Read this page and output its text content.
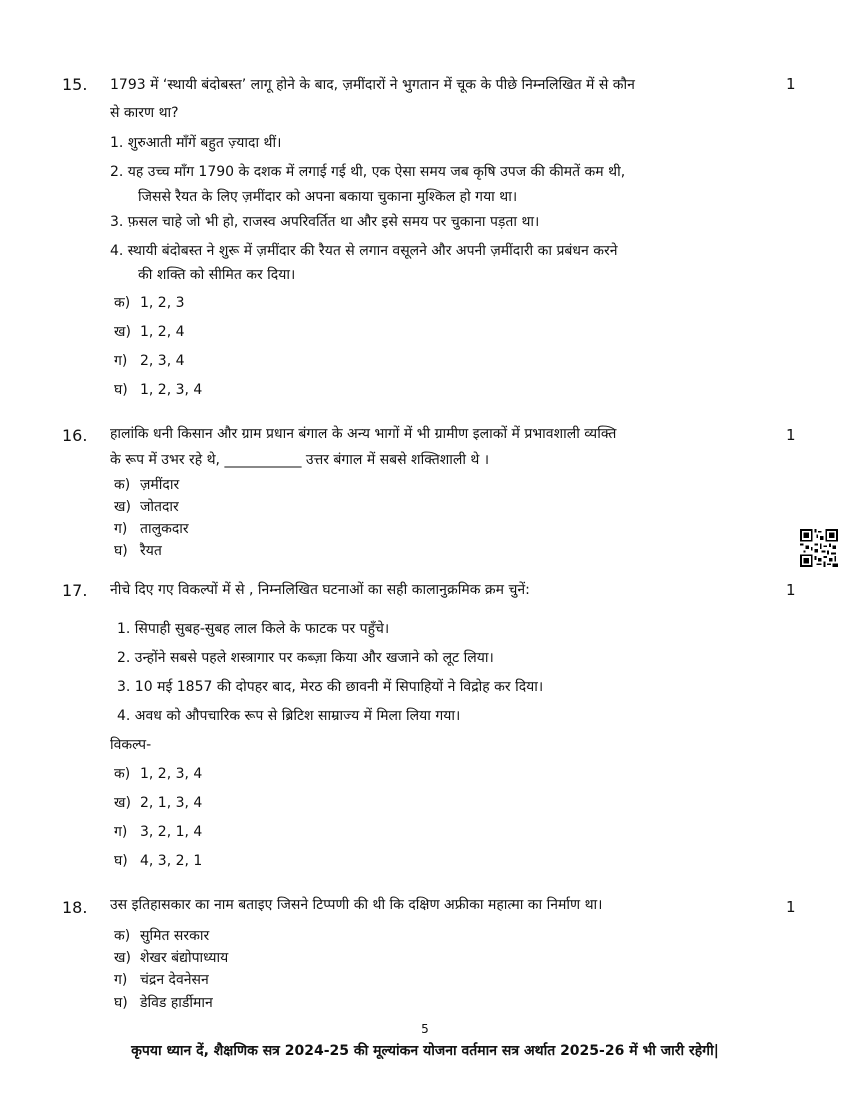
15.	1
1793 में ‘स्थायी बंदोबस्त’ लागू होने के बाद, ज़मींदारों ने भुगतान में चूक के पीछे निम्नलिखित में से कौन
से कारण था?
1. शुरुआती माँगें बहुत ज़्यादा थीं।
2. यह उच्च माँग 1790 के दशक में लगाई गई थी, एक ऐसा समय जब कृषि उपज की कीमतें कम थी,
जिससे रैयत के लिए ज़मींदार को अपना बकाया चुकाना मुश्किल हो गया था।
3. फ़सल चाहे जो भी हो, राजस्व अपरिवर्तित था और इसे समय पर चुकाना पड़ता था।
4. स्थायी बंदोबस्त ने शुरू में ज़मींदार की रैयत से लगान वसूलने और अपनी ज़मींदारी का प्रबंधन करने
की शक्ति को सीमित कर दिया।
क) 1, 2, 3
ख) 1, 2, 4
ग) 2, 3, 4
घ) 1, 2, 3, 4
16.	1
हालांकि धनी किसान और ग्राम प्रधान बंगाल के अन्य भागों में भी ग्रामीण इलाकों में प्रभावशाली व्यक्ति
के रूप में उभर रहे थे, ___________ उत्तर बंगाल में सबसे शक्तिशाली थे ।
क) ज़मींदार
ख) जोतदार
ग) तालुकदार
घ) रैयत
17.	1
नीचे दिए गए विकल्पों में से , निम्नलिखित घटनाओं का सही कालानुक्रमिक क्रम चुनें:
1. सिपाही सुबह-सुबह लाल किले के फाटक पर पहुँचे।
2. उन्होंने सबसे पहले शस्त्रागार पर कब्ज़ा किया और खजाने को लूट लिया।
3. 10 मई 1857 की दोपहर बाद, मेरठ की छावनी में सिपाहियों ने विद्रोह कर दिया।
4. अवध को औपचारिक रूप से ब्रिटिश साम्राज्य में मिला लिया गया।
विकल्प-
क) 1, 2, 3, 4
ख) 2, 1, 3, 4
ग) 3, 2, 1, 4
घ) 4, 3, 2, 1
18.	1
उस इतिहासकार का नाम बताइए जिसने टिप्पणी की थी कि दक्षिण अफ्रीका महात्मा का निर्माण था।
क) सुमित सरकार
ख) शेखर बंद्योपाध्याय
ग) चंद्रन देवनेसन
घ) डेविड हार्डीमान
5
कृपया ध्यान दें, शैक्षणिक सत्र 2024-25 की मूल्यांकन योजना वर्तमान सत्र अर्थात 2025-26 में भी जारी रहेगी|
